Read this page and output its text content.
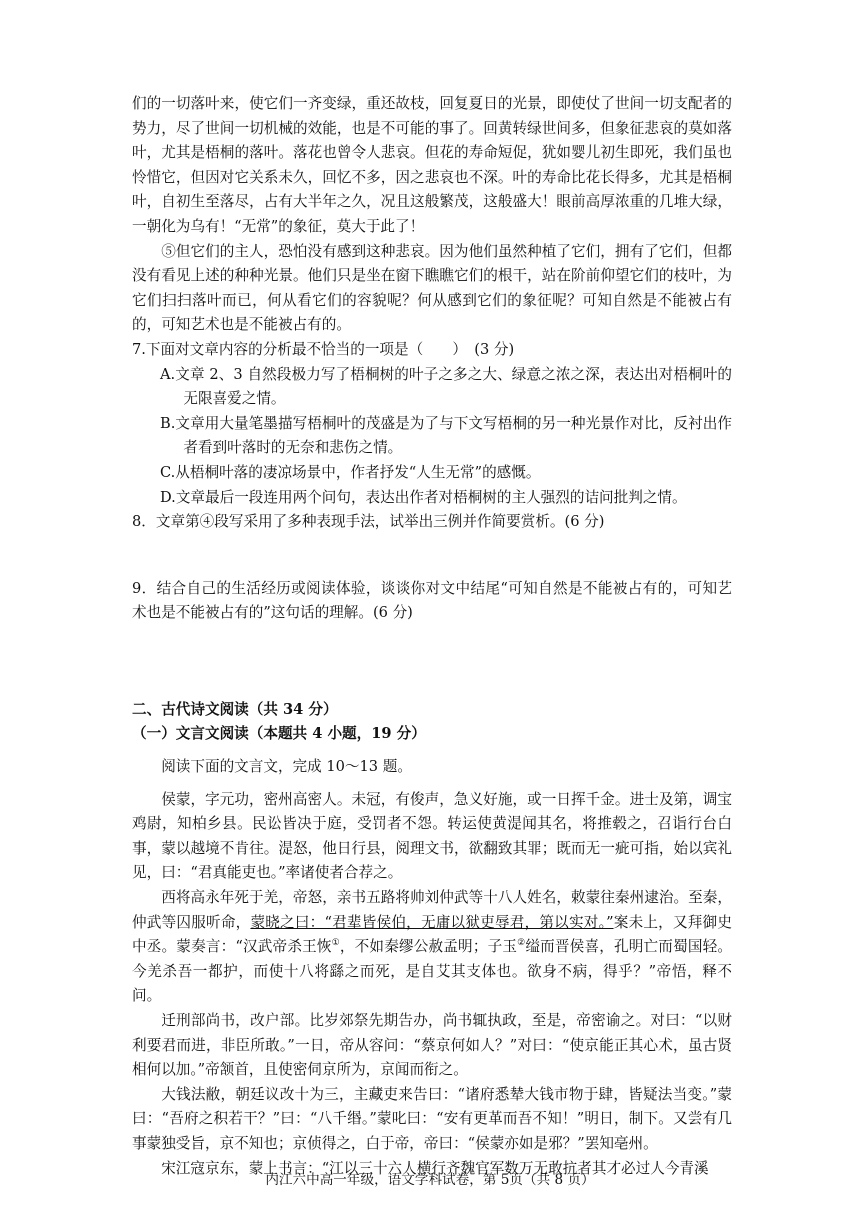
们的一切落叶来，使它们一齐变绿，重还故枝，回复夏日的光景，即使仗了世间一切支配者的势力，尽了世间一切机械的效能，也是不可能的事了。回黄转绿世间多，但象征悲哀的莫如落叶，尤其是梧桐的落叶。落花也曾令人悲哀。但花的寿命短促，犹如婴儿初生即死，我们虽也怜惜它，但因对它关系未久，回忆不多，因之悲哀也不深。叶的寿命比花长得多，尤其是梧桐叶，自初生至落尽，占有大半年之久，况且这般繁茂，这般盛大！眼前高厚浓重的几堆大绿，一朝化为乌有！“无常”的象征，莫大于此了！

⑤但它们的主人，恐怕没有感到这种悲哀。因为他们虽然种植了它们，拥有了它们，但都没有看见上述的种种光景。他们只是坐在窗下瞧瞧它们的根干，站在阶前仰望它们的枝叶，为它们扫扫落叶而已，何从看它们的容貌呢？何从感到它们的象征呢？可知自然是不能被占有的，可知艺术也是不能被占有的。

7.下面对文章内容的分析最不恰当的一项是（　　）　(3 分)

A.文章 2、3 自然段极力写了梧桐树的叶子之多之大、绿意之浓之深，表达出对梧桐叶的无限喜爱之情。

B.文章用大量笔墨描写梧桐叶的茂盛是为了与下文写梧桐的另一种光景作对比，反衬出作者看到叶落时的无奈和悲伤之情。

C.从梧桐叶落的凄凉场景中，作者抒发“人生无常”的感慨。

D.文章最后一段连用两个问句，表达出作者对梧桐树的主人强烈的诘问批判之情。

8．文章第④段写采用了多种表现手法，试举出三例并作简要赏析。(6 分)

9．结合自己的生活经历或阅读体验，谈谈你对文中结尾“可知自然是不能被占有的，可知艺术也是不能被占有的”这句话的理解。(6 分)

二、古代诗文阅读（共 34 分）

（一）文言文阅读（本题共 4 小题，19 分）

阅读下面的文言文，完成 10～13 题。

侯蒙，字元功，密州高密人。未冠，有俊声，急义好施，或一日挥千金。进士及第，调宝鸡尉，知柏乡县。民讼皆决于庭，受罚者不怨。转运使黄湜闻其名，将推毂之，召诣行台白事，蒙以越境不肯往。湜怒，他日行县，阅理文书，欲翻致其罪；既而无一疵可指，始以宾礼见，曰：“君真能吏也。”率诸使者合荐之。

西将高永年死于羌，帝怒，亲书五路将帅刘仲武等十八人姓名，敕蒙往秦州逮治。至秦，仲武等囚服听命，蒙晓之曰：“君辈皆侯伯，无庸以狱吏辱君，第以实对。”案未上，又拜御史中丞。蒙奏言：“汉武帝杀王恢①，不如秦缪公赦孟明；子玉②缢而晋侯喜，孔明亡而蜀国轻。今羌杀吾一都护，而使十八将繇之而死，是自艾其支体也。欲身不病，得乎？”帝悟，释不问。

迁刑部尚书，改户部。比岁郊祭先期告办，尚书辄执政，至是，帝密谕之。对曰：“以财利要君而进，非臣所敢。”一日，帝从容问：“蔡京何如人？”对曰：“使京能正其心术，虽古贤相何以加。”帝颔首，且使密伺京所为，京闻而衔之。

大钱法敝，朝廷议改十为三，主藏吏来告曰：“诸府悉辇大钱市物于肆，皆疑法当变。”蒙曰：“吾府之积若干？”曰：“八千缗。”蒙叱曰：“安有更革而吾不知！”明日，制下。又尝有几事蒙独受旨，京不知也；京侦得之，白于帝，帝曰：“侯蒙亦如是邪？”罢知亳州。

宋江寇京东，蒙上书言：“江以三十六人横行齐魏官军数万无敢抗者其才必过人今青溪

内江六中高一年级，语文学科试卷，第 5页（共 8 页）
